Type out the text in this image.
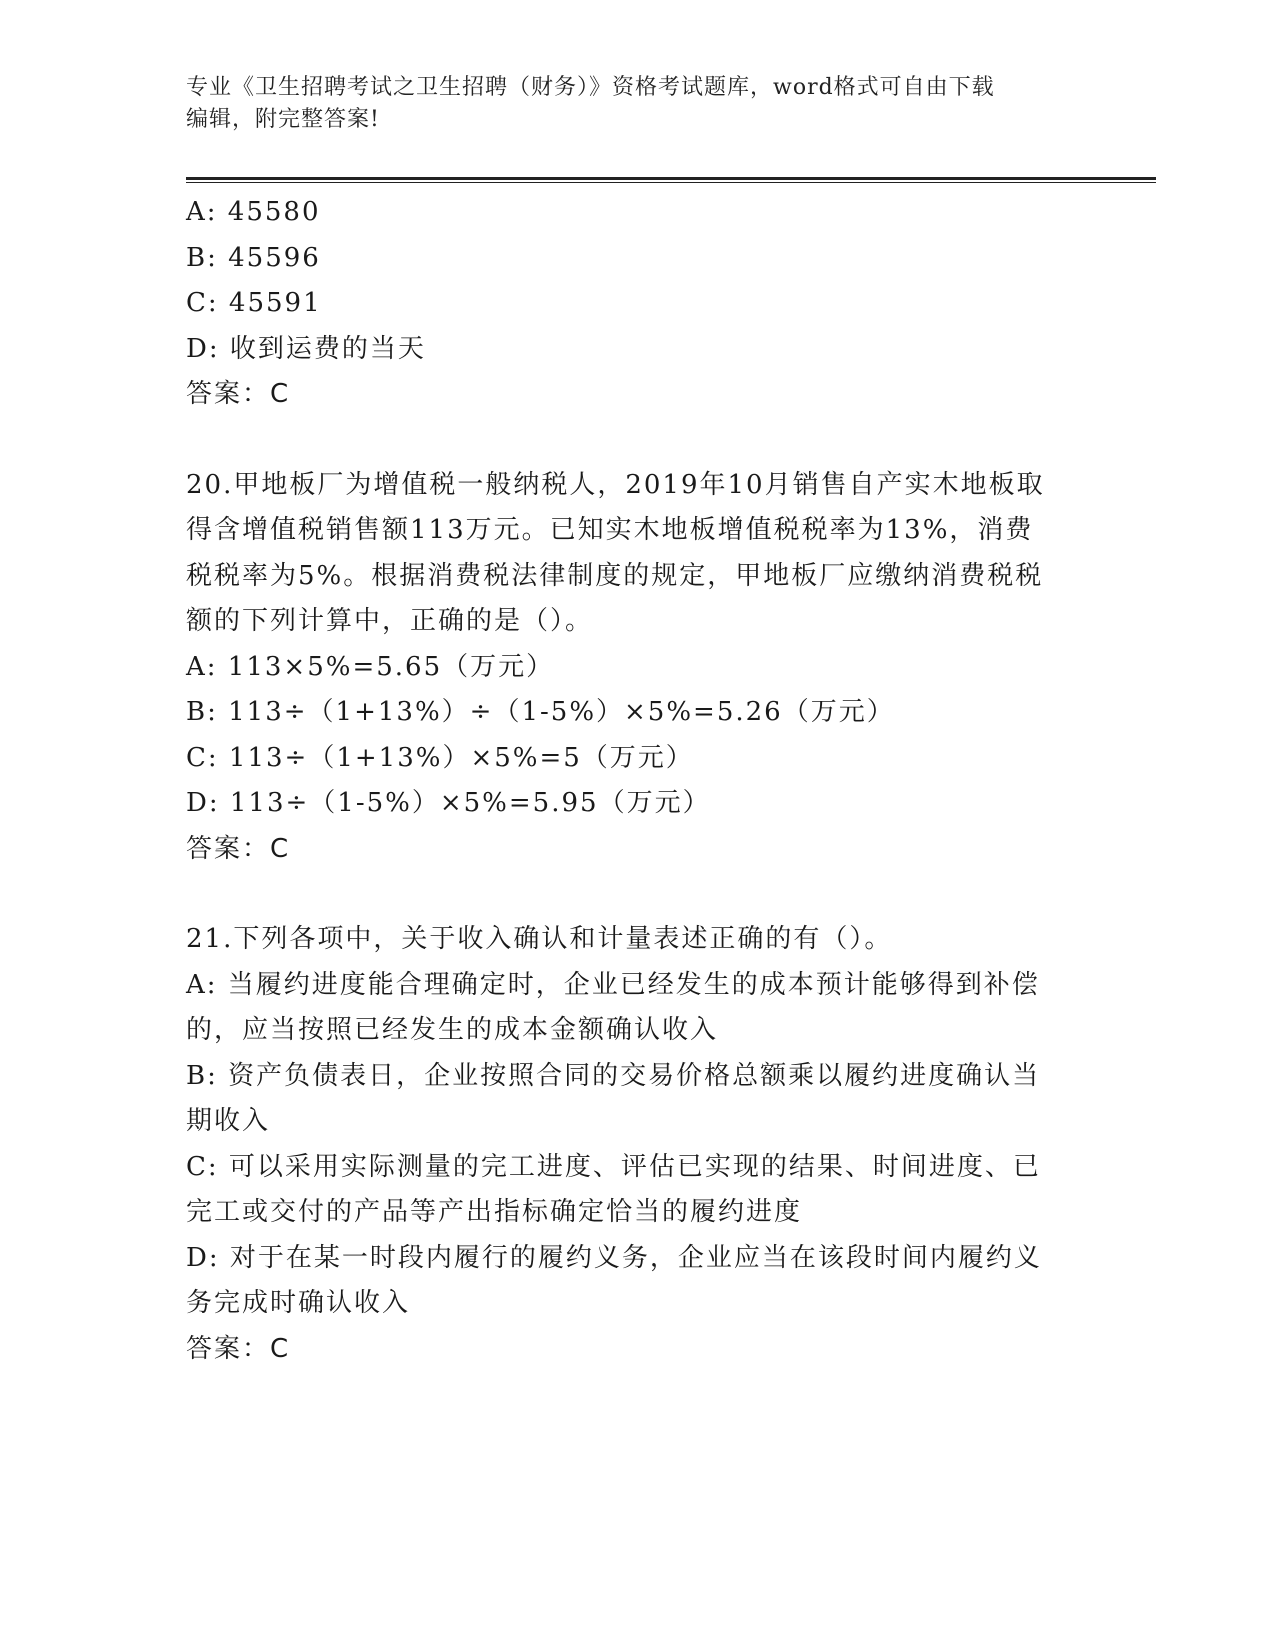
专业《卫生招聘考试之卫生招聘（财务）》资格考试题库，word格式可自由下载
编辑，附完整答案!
A: 45580
B: 45596
C: 45591
D: 收到运费的当天
答案：C
20.甲地板厂为增值税一般纳税人，2019年10月销售自产实木地板取
得含增值税销售额113万元。已知实木地板增值税税率为13%，消费
税税率为5%。根据消费税法律制度的规定，甲地板厂应缴纳消费税税
额的下列计算中，正确的是（）。
A: 113×5%=5.65（万元）
B: 113÷（1+13%）÷（1-5%）×5%=5.26（万元）
C: 113÷（1+13%）×5%=5（万元）
D: 113÷（1-5%）×5%=5.95（万元）
答案：C
21.下列各项中，关于收入确认和计量表述正确的有（）。
A: 当履约进度能合理确定时，企业已经发生的成本预计能够得到补偿
的，应当按照已经发生的成本金额确认收入
B: 资产负债表日，企业按照合同的交易价格总额乘以履约进度确认当
期收入
C: 可以采用实际测量的完工进度、评估已实现的结果、时间进度、已
完工或交付的产品等产出指标确定恰当的履约进度
D: 对于在某一时段内履行的履约义务，企业应当在该段时间内履约义
务完成时确认收入
答案：C
